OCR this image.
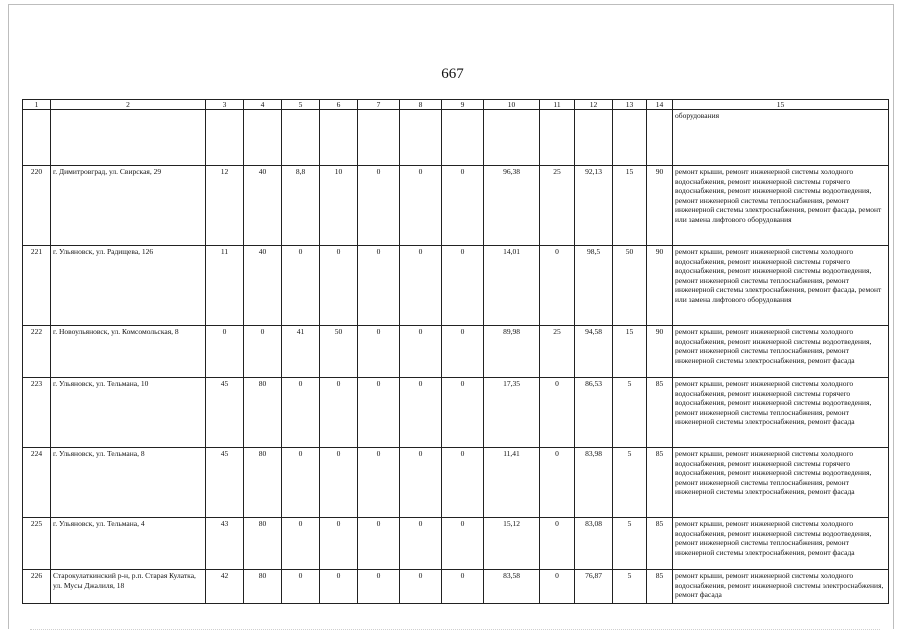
667
1	2	3	4	5	6	7	8	9	10	11	12	13	14	15
														оборудования
220	г. Димитровград, ул. Свирская, 29	12	40	8,8	10	0	0	0	96,38	25	92,13	15	90	ремонт крыши, ремонт инженерной системы холодного водоснабжения, ремонт инженерной системы горячего водоснабжения, ремонт инженерной системы водоотведения, ремонт инженерной системы теплоснабжения, ремонт инженерной системы электроснабжения, ремонт фасада, ремонт или замена лифтового оборудования
221	г. Ульяновск, ул. Радищева, 126	11	40	0	0	0	0	0	14,01	0	98,5	50	90	ремонт крыши, ремонт инженерной системы холодного водоснабжения, ремонт инженерной системы горячего водоснабжения, ремонт инженерной системы водоотведения, ремонт инженерной системы теплоснабжения, ремонт инженерной системы электроснабжения, ремонт фасада, ремонт или замена лифтового оборудования
222	г. Новоульяновск, ул. Комсомольская, 8	0	0	41	50	0	0	0	89,98	25	94,58	15	90	ремонт крыши, ремонт инженерной системы холодного водоснабжения, ремонт инженерной системы водоотведения, ремонт инженерной системы теплоснабжения, ремонт инженерной системы электроснабжения, ремонт фасада
223	г. Ульяновск, ул. Тельмана, 10	45	80	0	0	0	0	0	17,35	0	86,53	5	85	ремонт крыши, ремонт инженерной системы холодного водоснабжения, ремонт инженерной системы горячего водоснабжения, ремонт инженерной системы водоотведения, ремонт инженерной системы теплоснабжения, ремонт инженерной системы электроснабжения, ремонт фасада
224	г. Ульяновск, ул. Тельмана, 8	45	80	0	0	0	0	0	11,41	0	83,98	5	85	ремонт крыши, ремонт инженерной системы холодного водоснабжения, ремонт инженерной системы горячего водоснабжения, ремонт инженерной системы водоотведения, ремонт инженерной системы теплоснабжения, ремонт инженерной системы электроснабжения, ремонт фасада
225	г. Ульяновск, ул. Тельмана, 4	43	80	0	0	0	0	0	15,12	0	83,08	5	85	ремонт крыши, ремонт инженерной системы холодного водоснабжения, ремонт инженерной системы водоотведения, ремонт инженерной системы теплоснабжения, ремонт инженерной системы электроснабжения, ремонт фасада
226	Старокулаткинский р-н, р.п. Старая Кулатка, ул. Мусы Джалиля, 18	42	80	0	0	0	0	0	83,58	0	76,87	5	85	ремонт крыши, ремонт инженерной системы холодного водоснабжения, ремонт инженерной системы электроснабжения, ремонт фасада
